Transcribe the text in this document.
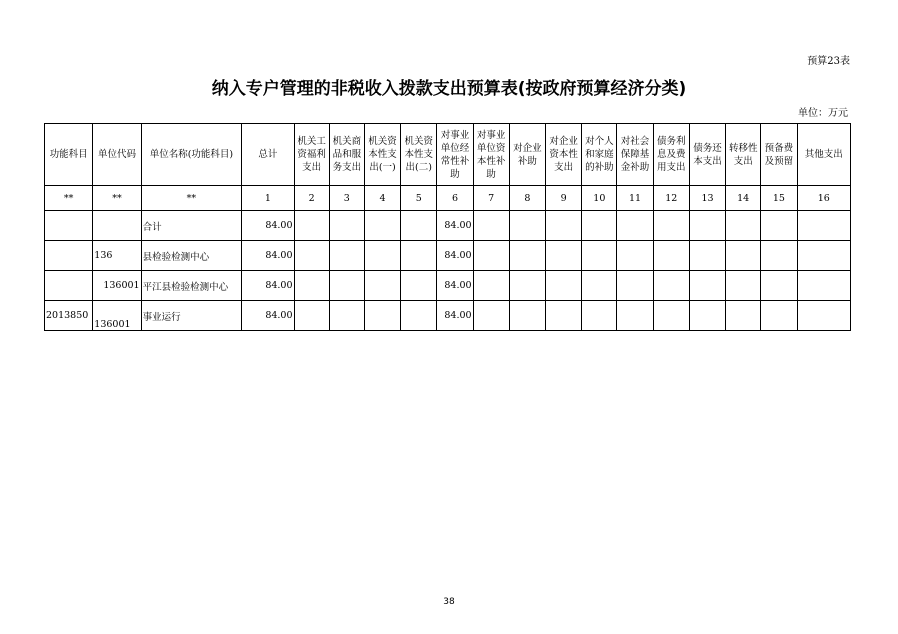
预算23表
纳入专户管理的非税收入拨款支出预算表(按政府预算经济分类)
单位：万元
功能科目	单位代码	单位名称(功能科目)	总计	机关工资福利支出	机关商品和服务支出	机关资本性支出(一)	机关资本性支出(二)	对事业单位经常性补助	对事业单位资本性补助	对企业补助	对企业资本性支出	对个人和家庭的补助	对社会保障基金补助	债务利息及费用支出	债务还本支出	转移性支出	预备费及预留	其他支出
**	**	**	1	2	3	4	5	6	7	8	9	10	11	12	13	14	15	16
		合计	84.00					84.00										
	136	县检验检测中心	84.00					84.00										
	136001	平江县检验检测中心	84.00					84.00										
2013850	136001	事业运行	84.00					84.00										
38
